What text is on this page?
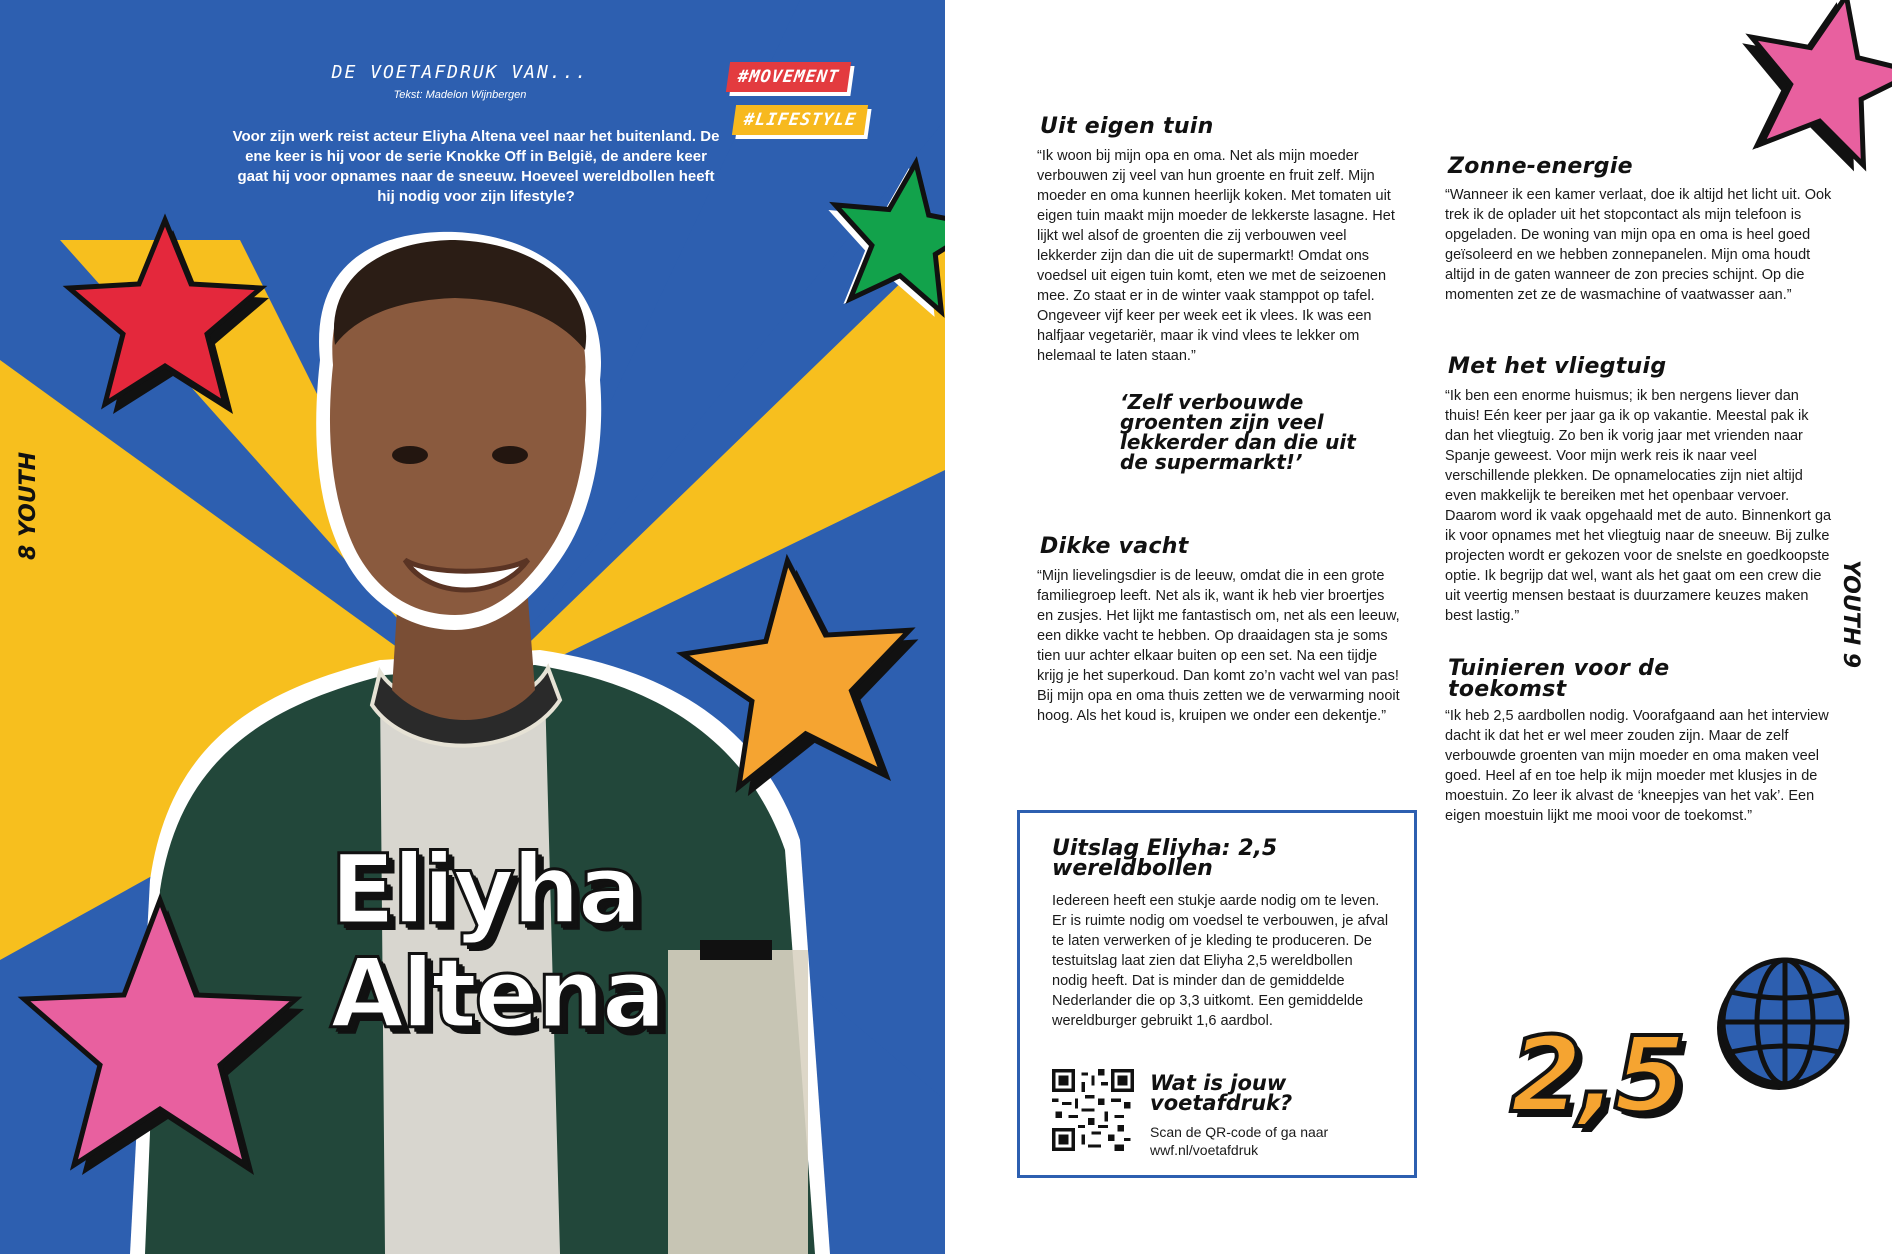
DE VOETAFDRUK VAN...
Tekst: Madelon Wijnbergen
Voor zijn werk reist acteur Eliyha Altena veel naar het buitenland. De ene keer is hij voor de serie Knokke Off in België, de andere keer gaat hij voor opnames naar de sneeuw. Hoeveel wereldbollen heeft hij nodig voor zijn lifestyle?
#MOVEMENT
#LIFESTYLE
Eliyha
Altena
8 YOUTH
Uit eigen tuin
“Ik woon bij mijn opa en oma. Net als mijn moeder verbouwen zij veel van hun groente en fruit zelf. Mijn moeder en oma kunnen heerlijk koken. Met tomaten uit eigen tuin maakt mijn moeder de lekkerste lasagne. Het lijkt wel alsof de groenten die zij verbouwen veel lekkerder zijn dan die uit de supermarkt! Omdat ons voedsel uit eigen tuin komt, eten we met de seizoenen mee. Zo staat er in de winter vaak stamppot op tafel. Ongeveer vijf keer per week eet ik vlees. Ik was een halfjaar vegetariër, maar ik vind vlees te lekker om helemaal te laten staan.”
‘Zelf verbouwde groenten zijn veel lekkerder dan die uit de supermarkt!’
Dikke vacht
“Mijn lievelingsdier is de leeuw, omdat die in een grote familiegroep leeft. Net als ik, want ik heb vier broertjes en zusjes. Het lijkt me fantastisch om, net als een leeuw, een dikke vacht te hebben. Op draaidagen sta je soms tien uur achter elkaar buiten op een set. Na een tijdje krijg je het superkoud. Dan komt zo’n vacht wel van pas! Bij mijn opa en oma thuis zetten we de verwarming nooit hoog. Als het koud is, kruipen we onder een dekentje.”
Zonne-energie
“Wanneer ik een kamer verlaat, doe ik altijd het licht uit. Ook trek ik de oplader uit het stopcontact als mijn telefoon is opgeladen. De woning van mijn opa en oma is heel goed geïsoleerd en we hebben zonnepanelen. Mijn oma houdt altijd in de gaten wanneer de zon precies schijnt. Op die momenten zet ze de wasmachine of vaatwasser aan.”
Met het vliegtuig
“Ik ben een enorme huismus; ik ben nergens liever dan thuis! Eén keer per jaar ga ik op vakantie. Meestal pak ik dan het vliegtuig. Zo ben ik vorig jaar met vrienden naar Spanje geweest. Voor mijn werk reis ik naar veel verschillende plekken. De opnamelocaties zijn niet altijd even makkelijk te bereiken met het openbaar vervoer. Daarom word ik vaak opgehaald met de auto. Binnenkort ga ik voor opnames met het vliegtuig naar de sneeuw. Bij zulke projecten wordt er gekozen voor de snelste en goedkoopste optie. Ik begrijp dat wel, want als het gaat om een crew die uit veertig mensen bestaat is duurzamere keuzes maken best lastig.”
Tuinieren voor de toekomst
“Ik heb 2,5 aardbollen nodig. Voorafgaand aan het interview dacht ik dat het er wel meer zouden zijn. Maar de zelf verbouwde groenten van mijn moeder en oma maken veel goed. Heel af en toe help ik mijn moeder met klusjes in de moestuin. Zo leer ik alvast de ‘kneepjes van het vak’. Een eigen moestuin lijkt me mooi voor de toekomst.”
Uitslag Eliyha: 2,5 wereldbollen
Iedereen heeft een stukje aarde nodig om te leven. Er is ruimte nodig om voedsel te verbouwen, je afval te laten verwerken of je kleding te produceren. De testuitslag laat zien dat Eliyha 2,5 wereldbollen nodig heeft. Dat is minder dan de gemiddelde Nederlander die op 3,3 uitkomt. Een gemiddelde wereldburger gebruikt 1,6 aardbol.
Wat is jouw voetafdruk?
Scan de QR-code of ga naar wwf.nl/voetafdruk
2,5
YOUTH 9
